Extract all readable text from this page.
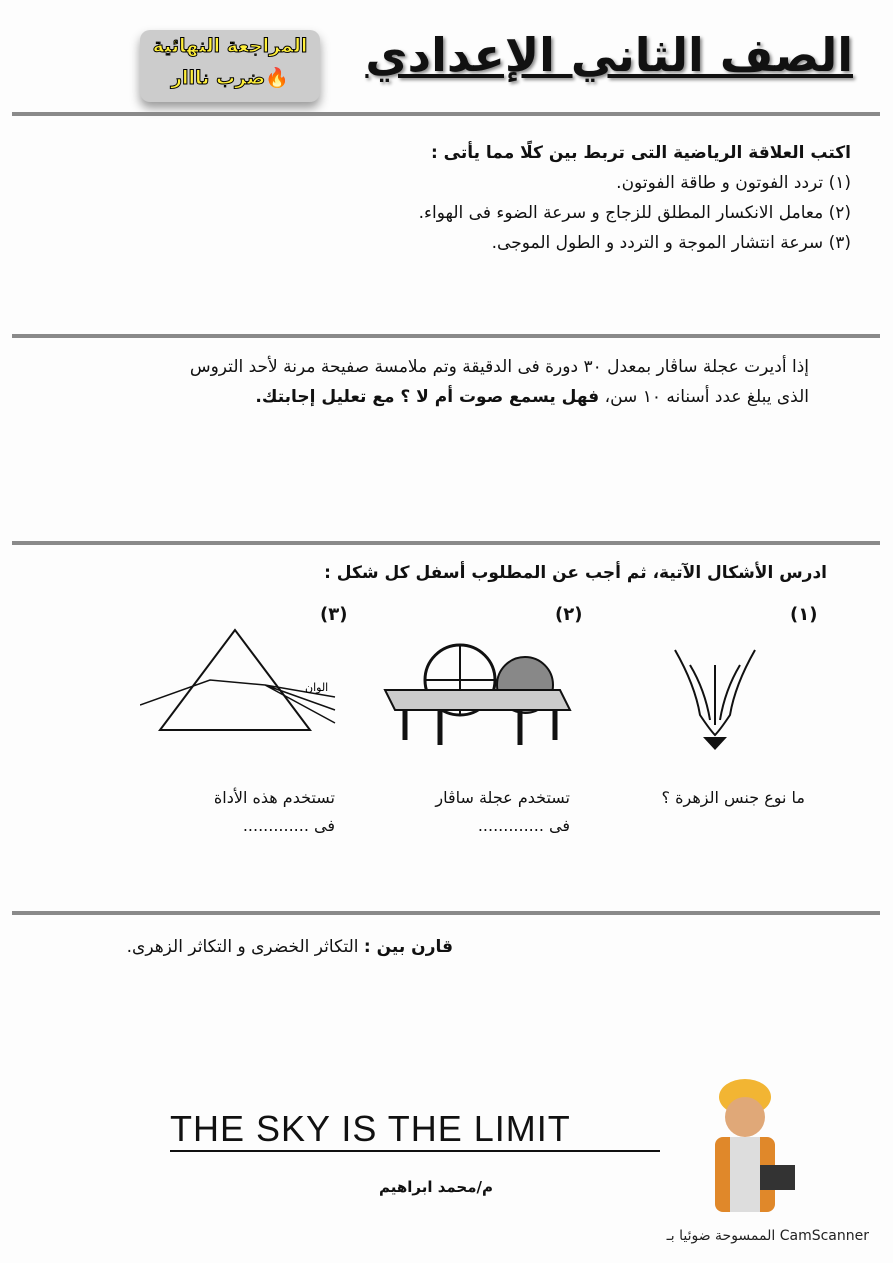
الصف الثاني الإعدادي
المراجعة النهائية
ضرب نااار🔥
اكتب العلاقة الرياضية التى تربط بين كلًا مما يأتى :
(١) تردد الفوتون و طاقة الفوتون.
(٢) معامل الانكسار المطلق للزجاج و سرعة الضوء فى الهواء.
(٣) سرعة انتشار الموجة و التردد و الطول الموجى.
إذا أديرت عجلة ساڤار بمعدل ٣٠ دورة فى الدقيقة وتم ملامسة صفيحة مرنة لأحد التروس
الذى يبلغ عدد أسنانه ١٠ سن، فهل يسمع صوت أم لا ؟ مع تعليل إجابتك.
ادرس الأشكال الآتية، ثم أجب عن المطلوب أسفل كل شكل :
(١)
(٢)
(٣)
الوان
ما نوع جنس الزهرة ؟
تستخدم عجلة ساڤار
فى .............
تستخدم هذه الأداة
فى .............
قارن بين : التكاثر الخضرى و التكاثر الزهرى.
THE SKY IS THE LIMIT
م/محمد ابراهيم
الممسوحة ضوئيا بـ CamScanner
